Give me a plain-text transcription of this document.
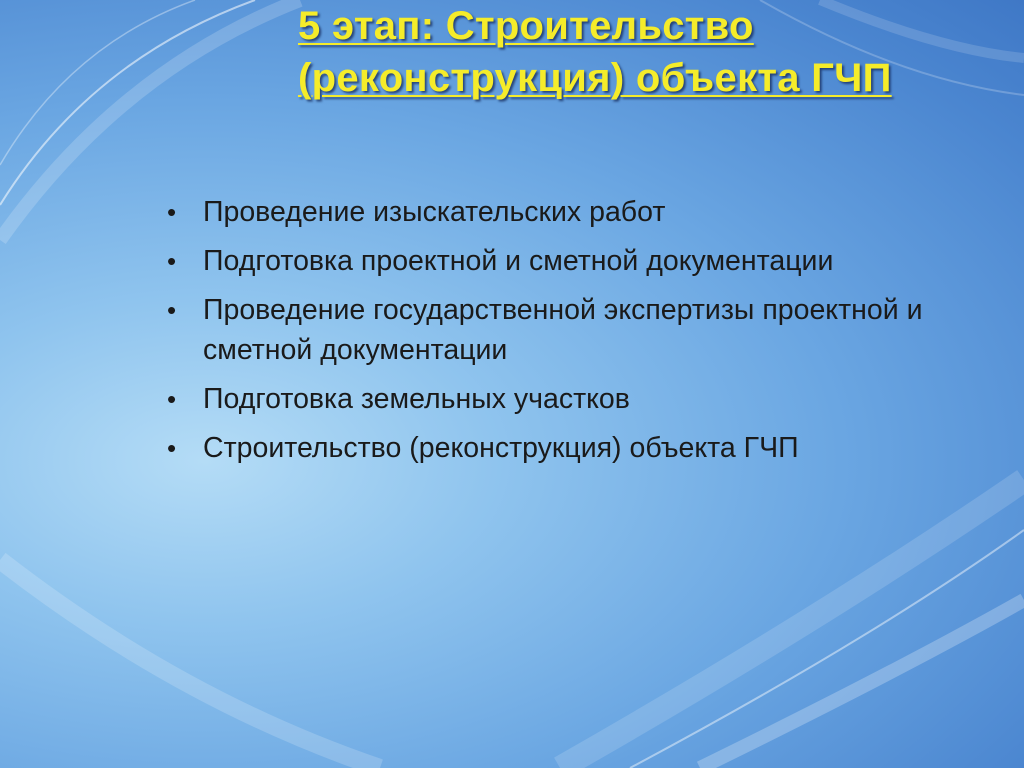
5 этап: Строительство
(реконструкция) объекта ГЧП
• Проведение изыскательских работ
• Подготовка проектной и сметной документации
• Проведение государственной экспертизы проектной и сметной документации
• Подготовка земельных участков
• Строительство (реконструкция) объекта ГЧП
